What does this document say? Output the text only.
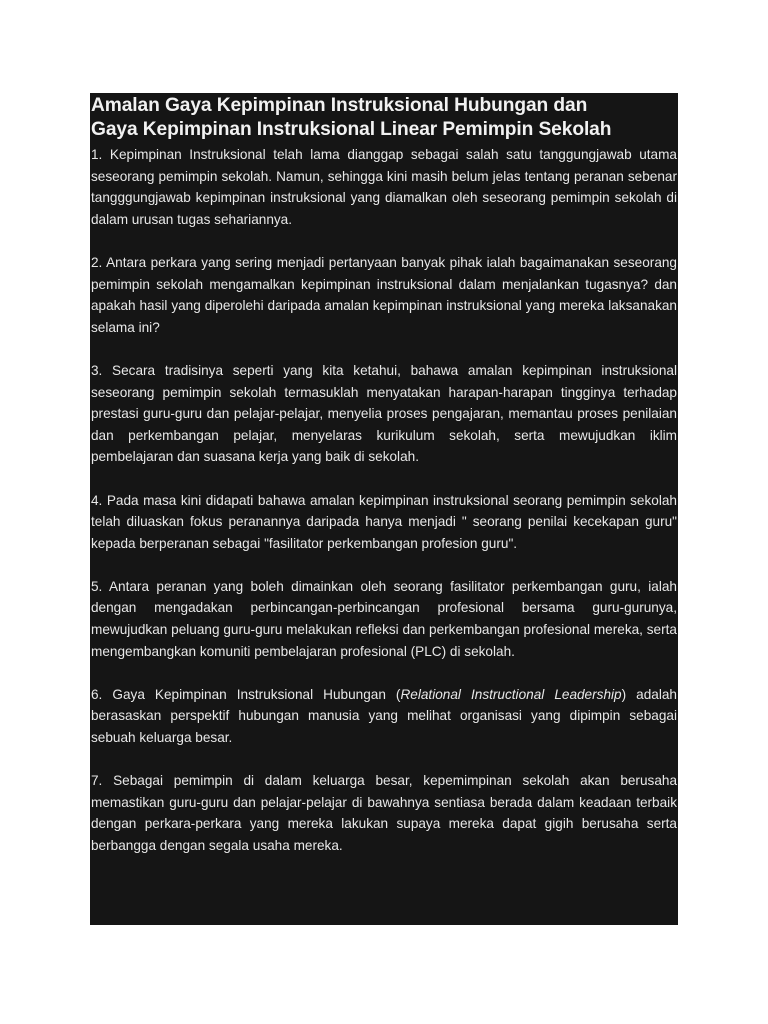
Amalan Gaya Kepimpinan Instruksional Hubungan dan
Gaya Kepimpinan Instruksional Linear Pemimpin Sekolah

1. Kepimpinan Instruksional telah lama dianggap sebagai salah satu tanggungjawab utama seseorang pemimpin sekolah. Namun, sehingga kini masih belum jelas tentang peranan sebenar tangggungjawab kepimpinan instruksional yang diamalkan oleh seseorang pemimpin sekolah di dalam urusan tugas sehariannya.

2. Antara perkara yang sering menjadi pertanyaan banyak pihak ialah bagaimanakan seseorang pemimpin sekolah mengamalkan kepimpinan instruksional dalam menjalankan tugasnya? dan apakah hasil yang diperolehi daripada amalan kepimpinan instruksional yang mereka laksanakan selama ini?

3. Secara tradisinya seperti yang kita ketahui, bahawa amalan kepimpinan instruksional seseorang pemimpin sekolah termasuklah menyatakan harapan-harapan tingginya terhadap prestasi guru-guru dan pelajar-pelajar, menyelia proses pengajaran, memantau proses penilaian dan perkembangan pelajar, menyelaras kurikulum sekolah, serta mewujudkan iklim pembelajaran dan suasana kerja yang baik di sekolah.

4. Pada masa kini didapati bahawa amalan kepimpinan instruksional seorang pemimpin sekolah telah diluaskan fokus peranannya daripada hanya menjadi " seorang penilai kecekapan guru" kepada berperanan sebagai "fasilitator perkembangan profesion guru".

5. Antara peranan yang boleh dimainkan oleh seorang fasilitator perkembangan guru, ialah dengan mengadakan perbincangan-perbincangan profesional bersama guru-gurunya, mewujudkan peluang guru-guru melakukan refleksi dan perkembangan profesional mereka, serta mengembangkan komuniti pembelajaran profesional (PLC) di sekolah.

6. Gaya Kepimpinan Instruksional Hubungan (Relational Instructional Leadership) adalah berasaskan perspektif hubungan manusia yang melihat organisasi yang dipimpin sebagai sebuah keluarga besar.

7. Sebagai pemimpin di dalam keluarga besar, kepemimpinan sekolah akan berusaha memastikan guru-guru dan pelajar-pelajar di bawahnya sentiasa berada dalam keadaan terbaik dengan perkara-perkara yang mereka lakukan supaya mereka dapat gigih berusaha serta berbangga dengan segala usaha mereka.
